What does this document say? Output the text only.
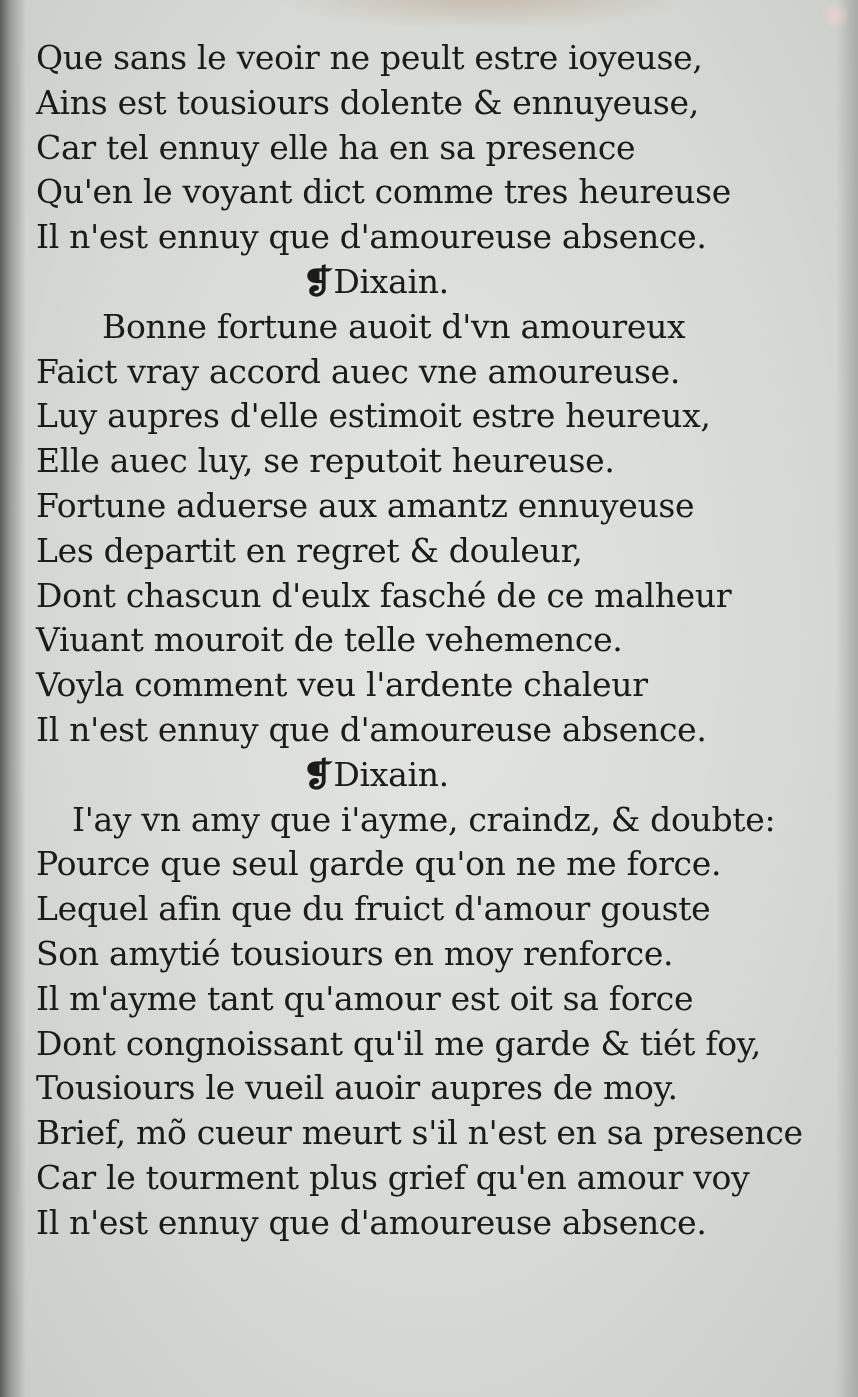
Que sans le veoir ne peult estre ioyeuse,
Ains est tousiours dolente & ennuyeuse,
Car tel ennuy elle ha en sa presence
Qu'en le voyant dict comme tres heureuse
Il n'est ennuy que d'amoureuse absence.
❡Dixain.
Bonne fortune auoit d'vn amoureux
Faict vray accord auec vne amoureuse.
Luy aupres d'elle estimoit estre heureux,
Elle auec luy, se reputoit heureuse.
Fortune aduerse aux amantz ennuyeuse
Les departit en regret & douleur,
Dont chascun d'eulx fasché de ce malheur
Viuant mouroit de telle vehemence.
Voyla comment veu l'ardente chaleur
Il n'est ennuy que d'amoureuse absence.
❡Dixain.
I'ay vn amy que i'ayme, craindz, & doubte:
Pource que seul garde qu'on ne me force.
Lequel afin que du fruict d'amour gouste
Son amytié tousiours en moy renforce.
Il m'ayme tant qu'amour est oit sa force
Dont congnoissant qu'il me garde & tiét foy,
Tousiours le vueil auoir aupres de moy.
Brief, mõ cueur meurt s'il n'est en sa presence
Car le tourment plus grief qu'en amour voy
Il n'est ennuy que d'amoureuse absence.
